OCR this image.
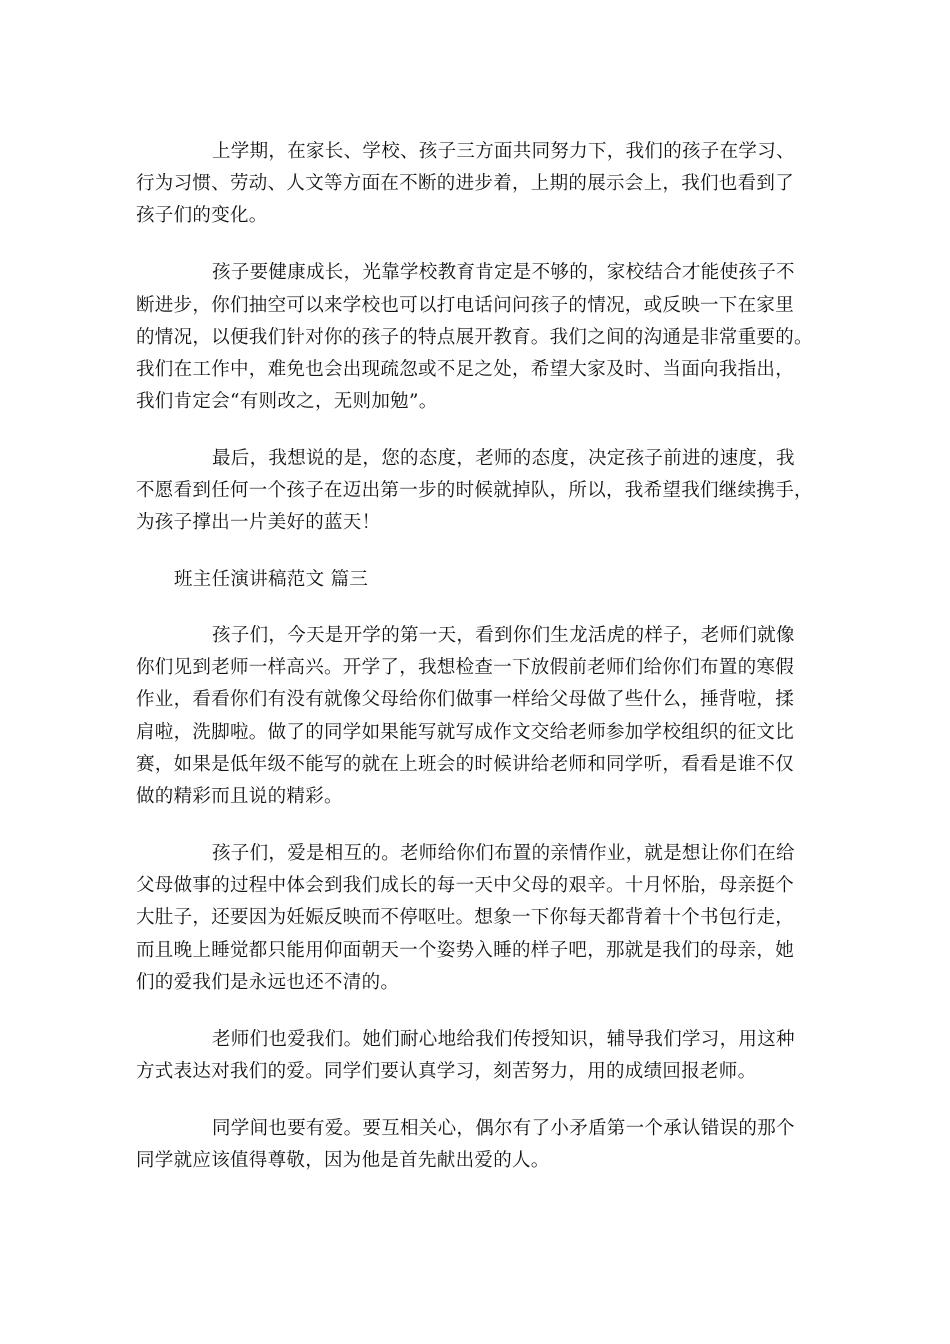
上学期，在家长、学校、孩子三方面共同努力下，我们的孩子在学习、
行为习惯、劳动、人文等方面在不断的进步着，上期的展示会上，我们也看到了
孩子们的变化。
孩子要健康成长，光靠学校教育肯定是不够的，家校结合才能使孩子不
断进步，你们抽空可以来学校也可以打电话问问孩子的情况，或反映一下在家里
的情况，以便我们针对你的孩子的特点展开教育。我们之间的沟通是非常重要的。
我们在工作中，难免也会出现疏忽或不足之处，希望大家及时、当面向我指出，
我们肯定会“有则改之，无则加勉”。
最后，我想说的是，您的态度，老师的态度，决定孩子前进的速度，我
不愿看到任何一个孩子在迈出第一步的时候就掉队，所以，我希望我们继续携手，
为孩子撑出一片美好的蓝天！
班主任演讲稿范文 篇三
孩子们，今天是开学的第一天，看到你们生龙活虎的样子，老师们就像
你们见到老师一样高兴。开学了，我想检查一下放假前老师们给你们布置的寒假
作业，看看你们有没有就像父母给你们做事一样给父母做了些什么，捶背啦，揉
肩啦，洗脚啦。做了的同学如果能写就写成作文交给老师参加学校组织的征文比
赛，如果是低年级不能写的就在上班会的时候讲给老师和同学听，看看是谁不仅
做的精彩而且说的精彩。
孩子们，爱是相互的。老师给你们布置的亲情作业，就是想让你们在给
父母做事的过程中体会到我们成长的每一天中父母的艰辛。十月怀胎，母亲挺个
大肚子，还要因为妊娠反映而不停呕吐。想象一下你每天都背着十个书包行走，
而且晚上睡觉都只能用仰面朝天一个姿势入睡的样子吧，那就是我们的母亲，她
们的爱我们是永远也还不清的。
老师们也爱我们。她们耐心地给我们传授知识，辅导我们学习，用这种
方式表达对我们的爱。同学们要认真学习，刻苦努力，用的成绩回报老师。
同学间也要有爱。要互相关心，偶尔有了小矛盾第一个承认错误的那个
同学就应该值得尊敬，因为他是首先献出爱的人。
